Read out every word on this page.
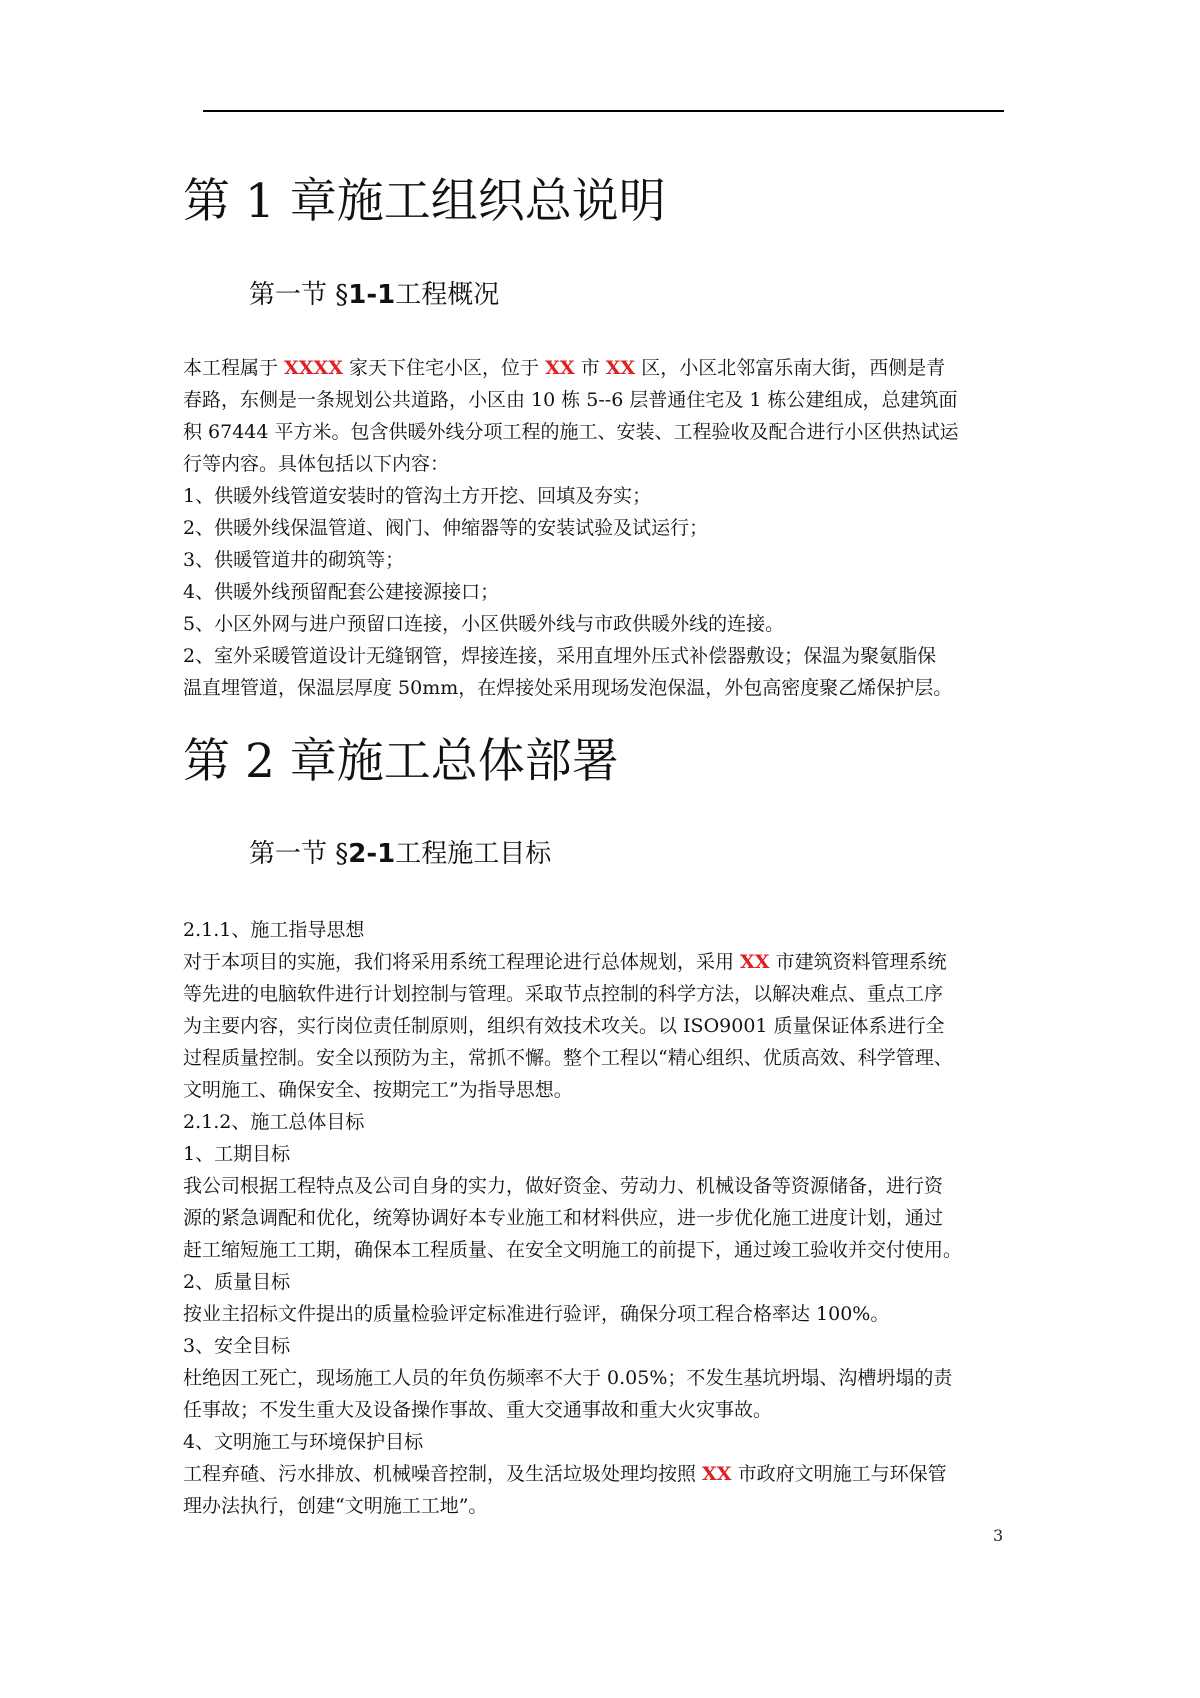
第 1 章施工组织总说明
第一节 §1-1工程概况
本工程属于 XXXX 家天下住宅小区，位于 XX 市 XX 区，小区北邻富乐南大街，西侧是青
春路，东侧是一条规划公共道路，小区由 10 栋 5--6 层普通住宅及 1 栋公建组成，总建筑面
积 67444 平方米。包含供暖外线分项工程的施工、安装、工程验收及配合进行小区供热试运
行等内容。具体包括以下内容：
1、供暖外线管道安装时的管沟土方开挖、回填及夯实；
2、供暖外线保温管道、阀门、伸缩器等的安装试验及试运行；
3、供暖管道井的砌筑等；
4、供暖外线预留配套公建接源接口；
5、小区外网与进户预留口连接，小区供暖外线与市政供暖外线的连接。
2、室外采暖管道设计无缝钢管，焊接连接，采用直埋外压式补偿器敷设；保温为聚氨脂保
温直埋管道，保温层厚度 50mm，在焊接处采用现场发泡保温，外包高密度聚乙烯保护层。
第 2 章施工总体部署
第一节 §2-1工程施工目标
2.1.1、施工指导思想
对于本项目的实施，我们将采用系统工程理论进行总体规划，采用 XX 市建筑资料管理系统
等先进的电脑软件进行计划控制与管理。采取节点控制的科学方法，以解决难点、重点工序
为主要内容，实行岗位责任制原则，组织有效技术攻关。以 ISO9001 质量保证体系进行全
过程质量控制。安全以预防为主，常抓不懈。整个工程以“精心组织、优质高效、科学管理、
文明施工、确保安全、按期完工”为指导思想。
2.1.2、施工总体目标
1、工期目标
我公司根据工程特点及公司自身的实力，做好资金、劳动力、机械设备等资源储备，进行资
源的紧急调配和优化，统筹协调好本专业施工和材料供应，进一步优化施工进度计划，通过
赶工缩短施工工期，确保本工程质量、在安全文明施工的前提下，通过竣工验收并交付使用。
2、质量目标
按业主招标文件提出的质量检验评定标准进行验评，确保分项工程合格率达 100%。
3、安全目标
杜绝因工死亡，现场施工人员的年负伤频率不大于 0.05%；不发生基坑坍塌、沟槽坍塌的责
任事故；不发生重大及设备操作事故、重大交通事故和重大火灾事故。
4、文明施工与环境保护目标
工程弃碴、污水排放、机械噪音控制，及生活垃圾处理均按照 XX 市政府文明施工与环保管
理办法执行，创建“文明施工工地”。
3
